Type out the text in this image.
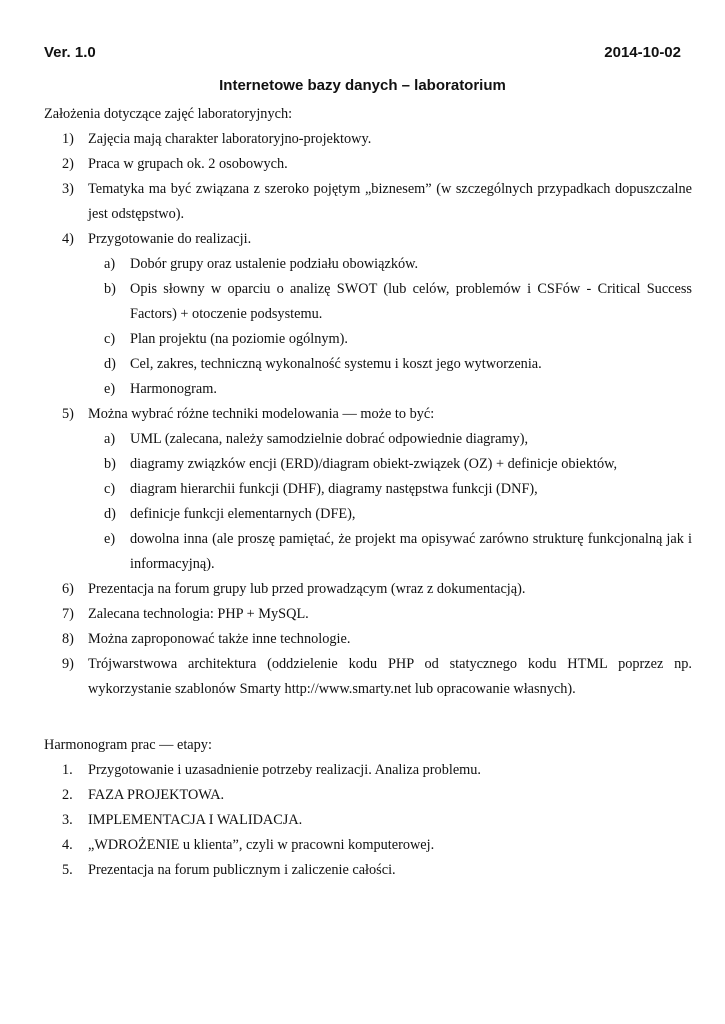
Ver. 1.0	2014-10-02
Internetowe bazy danych – laboratorium
Założenia dotyczące zajęć laboratoryjnych:
1) Zajęcia mają charakter laboratoryjno-projektowy.
2) Praca w grupach ok. 2 osobowych.
3) Tematyka ma być związana z szeroko pojętym „biznesem” (w szczególnych przypadkach dopuszczalne jest odstępstwo).
4) Przygotowanie do realizacji.
a) Dobór grupy oraz ustalenie podziału obowiązków.
b) Opis słowny w oparciu o analizę SWOT (lub celów, problemów i CSFów - Critical Success Factors) + otoczenie podsystemu.
c) Plan projektu (na poziomie ogólnym).
d) Cel, zakres, techniczną wykonalność systemu i koszt jego wytworzenia.
e) Harmonogram.
5) Można wybrać różne techniki modelowania — może to być:
a) UML (zalecana, należy samodzielnie dobrać odpowiednie diagramy),
b) diagramy związków encji (ERD)/diagram obiekt-związek (OZ) + definicje obiektów,
c) diagram hierarchii funkcji (DHF), diagramy następstwa funkcji (DNF),
d) definicje funkcji elementarnych (DFE),
e) dowolna inna (ale proszę pamiętać, że projekt ma opisywać zarówno strukturę funkcjonalną jak i informacyjną).
6) Prezentacja na forum grupy lub przed prowadzącym (wraz z dokumentacją).
7) Zalecana technologia: PHP + MySQL.
8) Można zaproponować także inne technologie.
9) Trójwarstwowa architektura (oddzielenie kodu PHP od statycznego kodu HTML poprzez np. wykorzystanie szablonów Smarty http://www.smarty.net lub opracowanie własnych).
Harmonogram prac — etapy:
1. Przygotowanie i uzasadnienie potrzeby realizacji. Analiza problemu.
2. FAZA PROJEKTOWA.
3. IMPLEMENTACJA I WALIDACJA.
4. „WDROŻENIE u klienta”, czyli w pracowni komputerowej.
5. Prezentacja na forum publicznym i zaliczenie całości.
